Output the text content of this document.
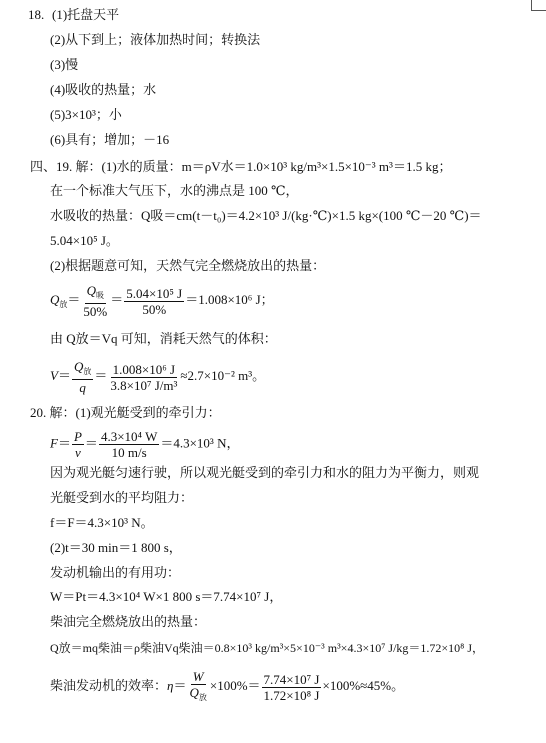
18. (1)托盘天平
(2)从下到上；液体加热时间；转换法
(3)慢
(4)吸收的热量；水
(5)3×10³；小
(6)具有；增加；－16
四、19. 解：(1)水的质量：m＝ρV水＝1.0×10³ kg/m³×1.5×10⁻³ m³＝1.5 kg；
在一个标准大气压下，水的沸点是 100 ℃，
水吸收的热量：Q吸＝cm(t－t₀)＝4.2×10³ J/(kg·℃)×1.5 kg×(100 ℃－20 ℃)＝
5.04×10⁵ J。
(2)根据题意可知，天然气完全燃烧放出的热量：
$Q_放= \frac{Q_吸}{50\%} = \frac{\text{5.04×10⁵ J}}{50\%} =1.008\times 10^6$ J；
由 Q放＝Vq 可知，消耗天然气的体积：
$V= \frac{Q_放}{q} = \frac{\text{1.008×10⁶ J}}{\text{3.8×10⁷ J/m³}} \approx 2.7\times 10^{-2}$ m³。
20. 解：(1)观光艇受到的牵引力：
$F= \frac{P}{v} = \frac{\text{4.3×10⁴ W}}{10 m/s} =4.3\times 10^3$ N，
因为观光艇匀速行驶，所以观光艇受到的牵引力和水的阻力为平衡力，则观
光艇受到水的平均阻力：
f＝F＝4.3×10³ N。
(2)t＝30 min＝1 800 s，
发动机输出的有用功：
W＝Pt＝4.3×10⁴ W×1 800 s＝7.74×10⁷ J，
柴油完全燃烧放出的热量：
Q放＝mq柴油＝ρ柴油Vq柴油＝0.8×10³ kg/m³×5×10⁻³ m³×4.3×10⁷ J/kg＝1.72×10⁸ J，
柴油发动机的效率：$\eta= \frac{W}{Q_放} \times 100\%= \frac{\text{7.74×10⁷ J}}{\text{1.72×10⁸ J}} \times 100\%\approx 45\%$。
